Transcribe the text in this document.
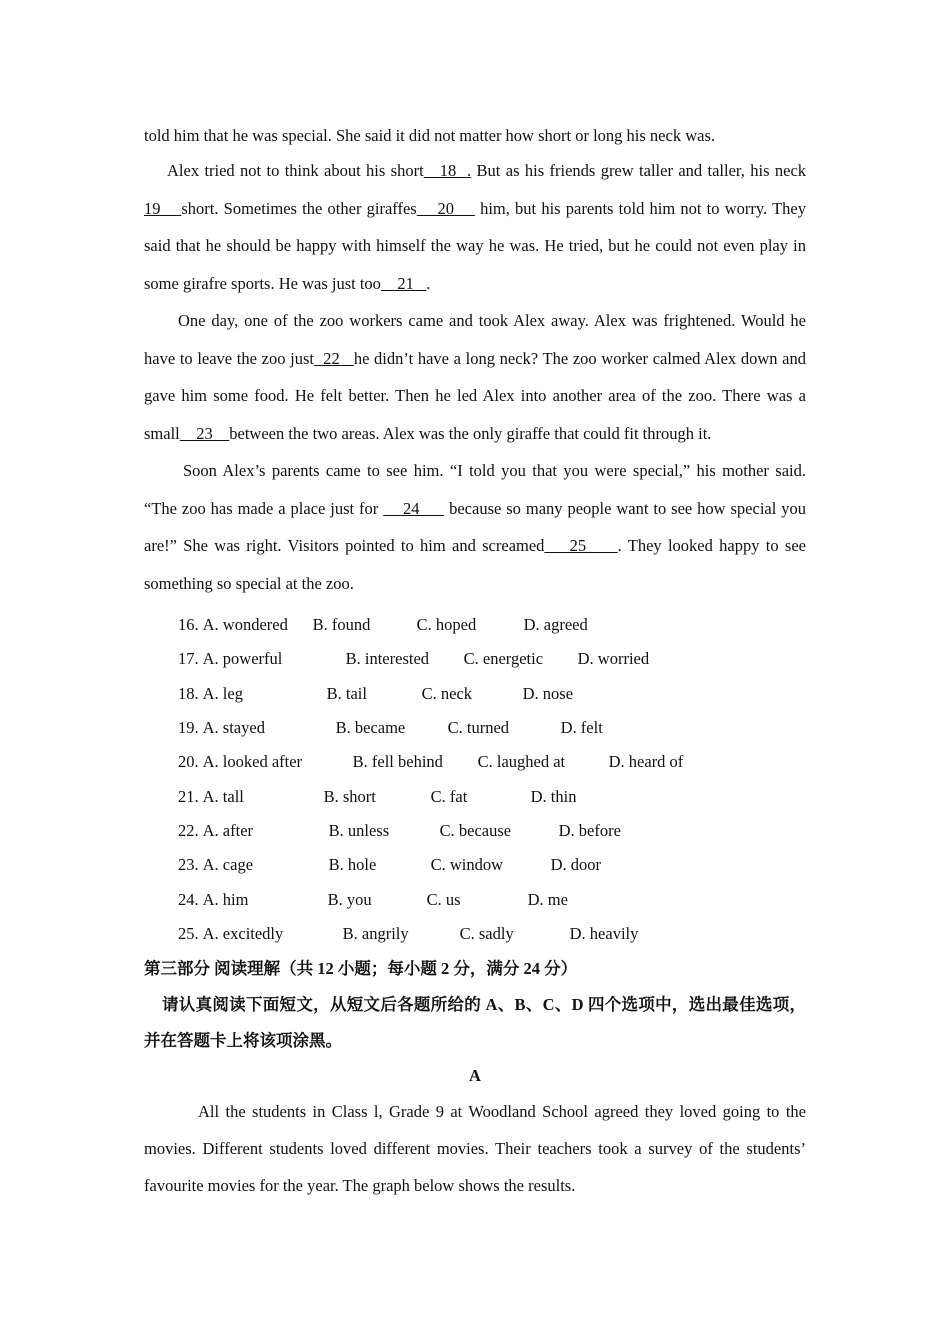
told him that he was special. She said it did not matter how short or long his neck was.

Alex tried not to think about his short   18  . But as his friends grew taller and taller, his neck 19    short. Sometimes the other giraffes    20     him, but his parents told him not to worry. They said that he should be happy with himself the way he was. He tried, but he could not even play in some girafre sports. He was just too    21   .

One day, one of the zoo workers came and took Alex away. Alex was frightened. Would he have to leave the zoo just  22   he didn’t have a long neck? The zoo worker calmed Alex down and gave him some food. He felt better. Then he led Alex into another area of the zoo. There was a small    23    between the two areas. Alex was the only giraffe that could fit through it.

Soon Alex’s parents came to see him. “I told you that you were special,” his mother said. “The zoo has made a place just for     24      because so many people want to see how special you are!” She was right. Visitors pointed to him and screamed    25     . They looked happy to see something so special at the zoo.

16. A. wondered	B. found	C. hoped	D. agreed
17. A. powerful	B. interested	C. energetic	D. worried
18. A. leg	B. tail	C. neck	D. nose
19. A. stayed	B. became	C. turned	D. felt
20. A. looked after	B. fell behind	C. laughed at	D. heard of
21. A. tall	B. short	C. fat	D. thin
22. A. after	B. unless	C. because	D. before
23. A. cage	B. hole	C. window	D. door
24. A. him	B. you	C. us	D. me
25. A. excitedly	B. angrily	C. sadly	D. heavily
第三部分 阅读理解（共 12 小题；每小题 2 分，满分 24 分）
请认真阅读下面短文，从短文后各题所给的 A、B、C、D 四个选项中，选出最佳选项，并在答题卡上将该项涂黑。
A

All the students in Class l, Grade 9 at Woodland School agreed they loved going to the movies. Different students loved different movies. Their teachers took a survey of the students’ favourite movies for the year. The graph below shows the results.
